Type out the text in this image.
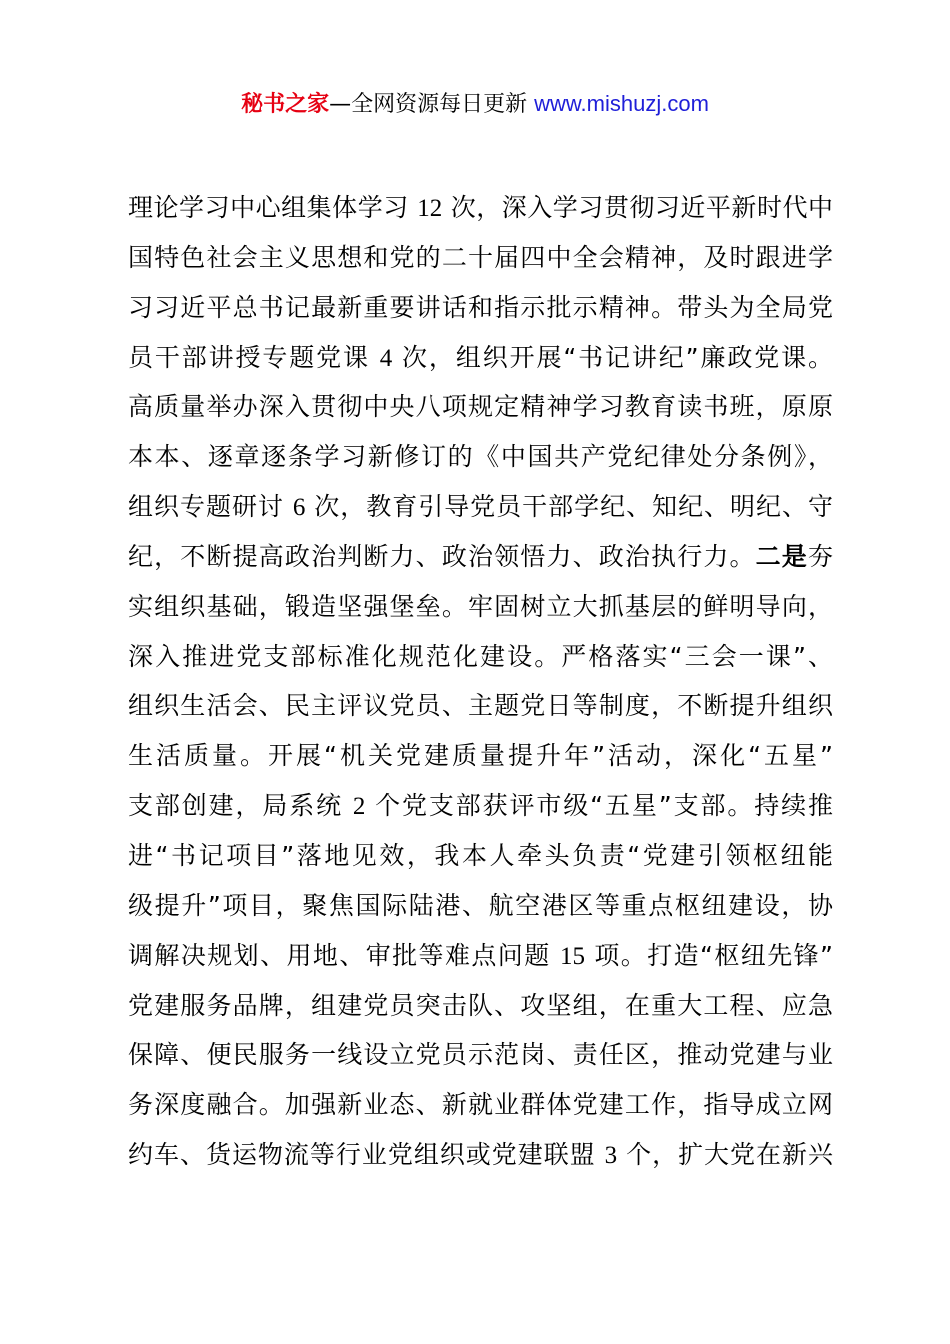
秘书之家—全网资源每日更新 www.mishuzj.com
理论学习中心组集体学习 12 次，深入学习贯彻习近平新时代中
国特色社会主义思想和党的二十届四中全会精神，及时跟进学
习习近平总书记最新重要讲话和指示批示精神。带头为全局党
员干部讲授专题党课 4 次，组织开展“书记讲纪”廉政党课。
高质量举办深入贯彻中央八项规定精神学习教育读书班，原原
本本、逐章逐条学习新修订的《中国共产党纪律处分条例》，
组织专题研讨 6 次，教育引导党员干部学纪、知纪、明纪、守
纪，不断提高政治判断力、政治领悟力、政治执行力。二是夯
实组织基础，锻造坚强堡垒。牢固树立大抓基层的鲜明导向，
深入推进党支部标准化规范化建设。严格落实“三会一课”、
组织生活会、民主评议党员、主题党日等制度，不断提升组织
生活质量。开展“机关党建质量提升年”活动，深化“五星”
支部创建，局系统 2 个党支部获评市级“五星”支部。持续推
进“书记项目”落地见效，我本人牵头负责“党建引领枢纽能
级提升”项目，聚焦国际陆港、航空港区等重点枢纽建设，协
调解决规划、用地、审批等难点问题 15 项。打造“枢纽先锋”
党建服务品牌，组建党员突击队、攻坚组，在重大工程、应急
保障、便民服务一线设立党员示范岗、责任区，推动党建与业
务深度融合。加强新业态、新就业群体党建工作，指导成立网
约车、货运物流等行业党组织或党建联盟 3 个，扩大党在新兴
